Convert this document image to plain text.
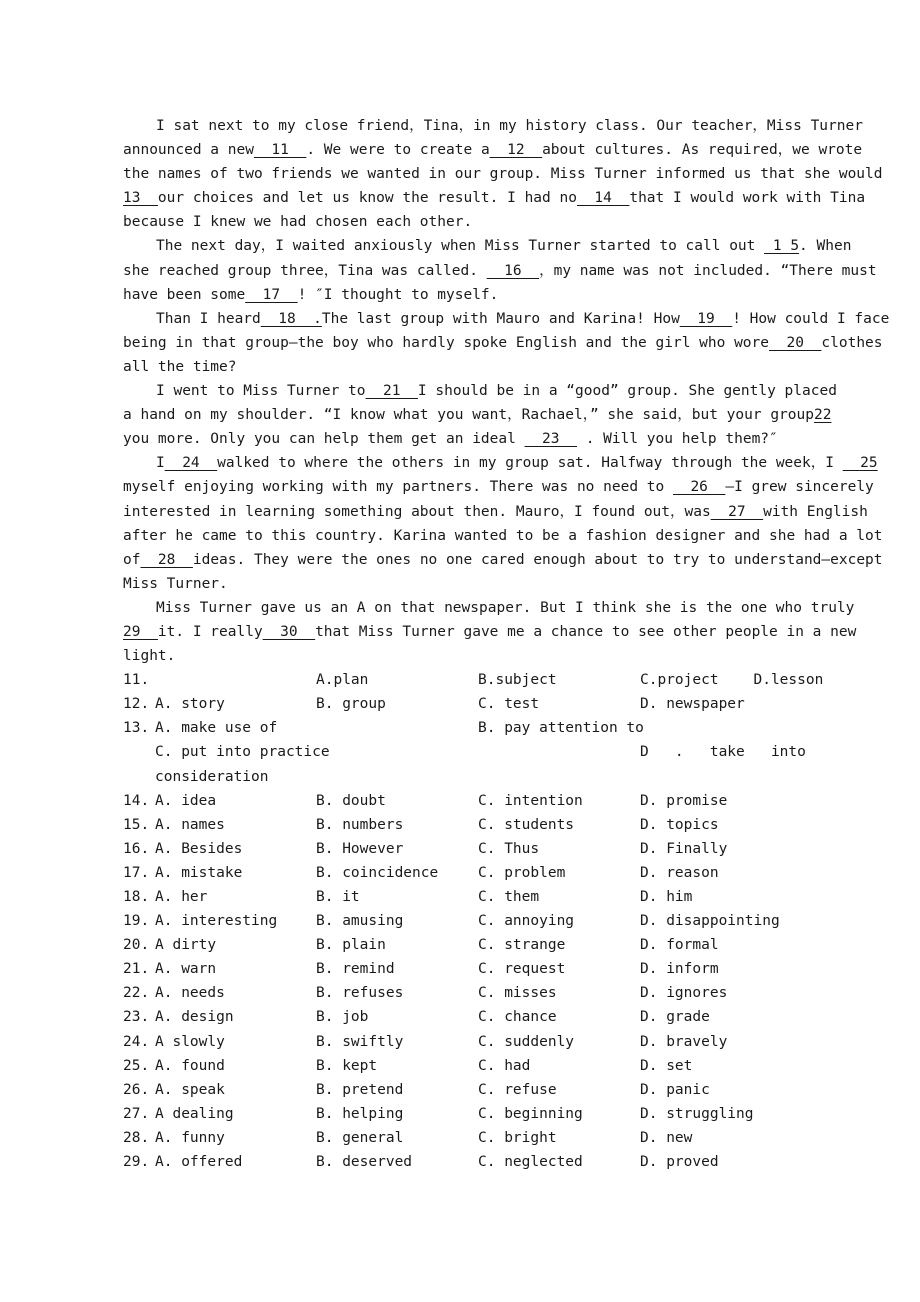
I sat next to my close friend，Tina，in my history class. Our teacher，Miss Turner
announced a new__11__. We were to create a__12__about cultures. As required，we wrote
the names of two friends we wanted in our group. Miss Turner informed us that she would
13__our choices and let us know the result. I had no__14__that I would work with Tina
because I knew we had chosen each other.
The next day，I waited anxiously when Miss Turner started to call out _1 5. When
she reached group three，Tina was called. __16__，my name was not included. “There must
have been some__17__! ″I thought to myself.
Than I heard__18__.The last group with Mauro and Karina! How__19__! How could I face
being in that group—the boy who hardly spoke English and the girl who wore__20__clothes
all the time?
I went to Miss Turner to__21__I should be in a “good” group. She gently placed
a hand on my shoulder. “I know what you want，Rachael，” she said，but your group22
you more. Only you can help them get an ideal __23__ . Will you help them?″
I__24__walked to where the others in my group sat. Halfway through the week，I __25
myself enjoying working with my partners. There was no need to __26__—I grew sincerely
interested in learning something about then. Mauro，I found out，was__27__with English
after he came to this country. Karina wanted to be a fashion designer and she had a lot
of__28__ideas. They were the ones no one cared enough about to try to understand—except
Miss Turner.
Miss Turner gave us an A on that newspaper. But I think she is the one who truly
29__it. I really__30__that Miss Turner gave me a chance to see other people in a new
light.
11.	A.plan	B.subject	C.project    D.lesson
12. A. story	B. group	C. test	D. newspaper
13. A. make use of	B. pay attention to
C. put into practice	D   .   take   into
consideration
14. A. idea	B. doubt	C. intention	D. promise
15. A. names	B. numbers	C. students	D. topics
16. A. Besides	B. However	C. Thus	D. Finally
17. A. mistake	B. coincidence	C. problem	D. reason
18. A. her	B. it	C. them	D. him
19. A. interesting	B. amusing	C. annoying	D. disappointing
20. A dirty	B. plain	C. strange	D. formal
21. A. warn	B. remind	C. request	D. inform
22. A. needs	B. refuses	C. misses	D. ignores
23. A. design	B. job	C. chance	D. grade
24. A slowly	B. swiftly	C. suddenly	D. bravely
25. A. found	B. kept	C. had	D. set
26. A. speak	B. pretend	C. refuse	D. panic
27. A dealing	B. helping	C. beginning	D. struggling
28. A. funny	B. general	C. bright	D. new
29. A. offered	B. deserved	C. neglected	D. proved
